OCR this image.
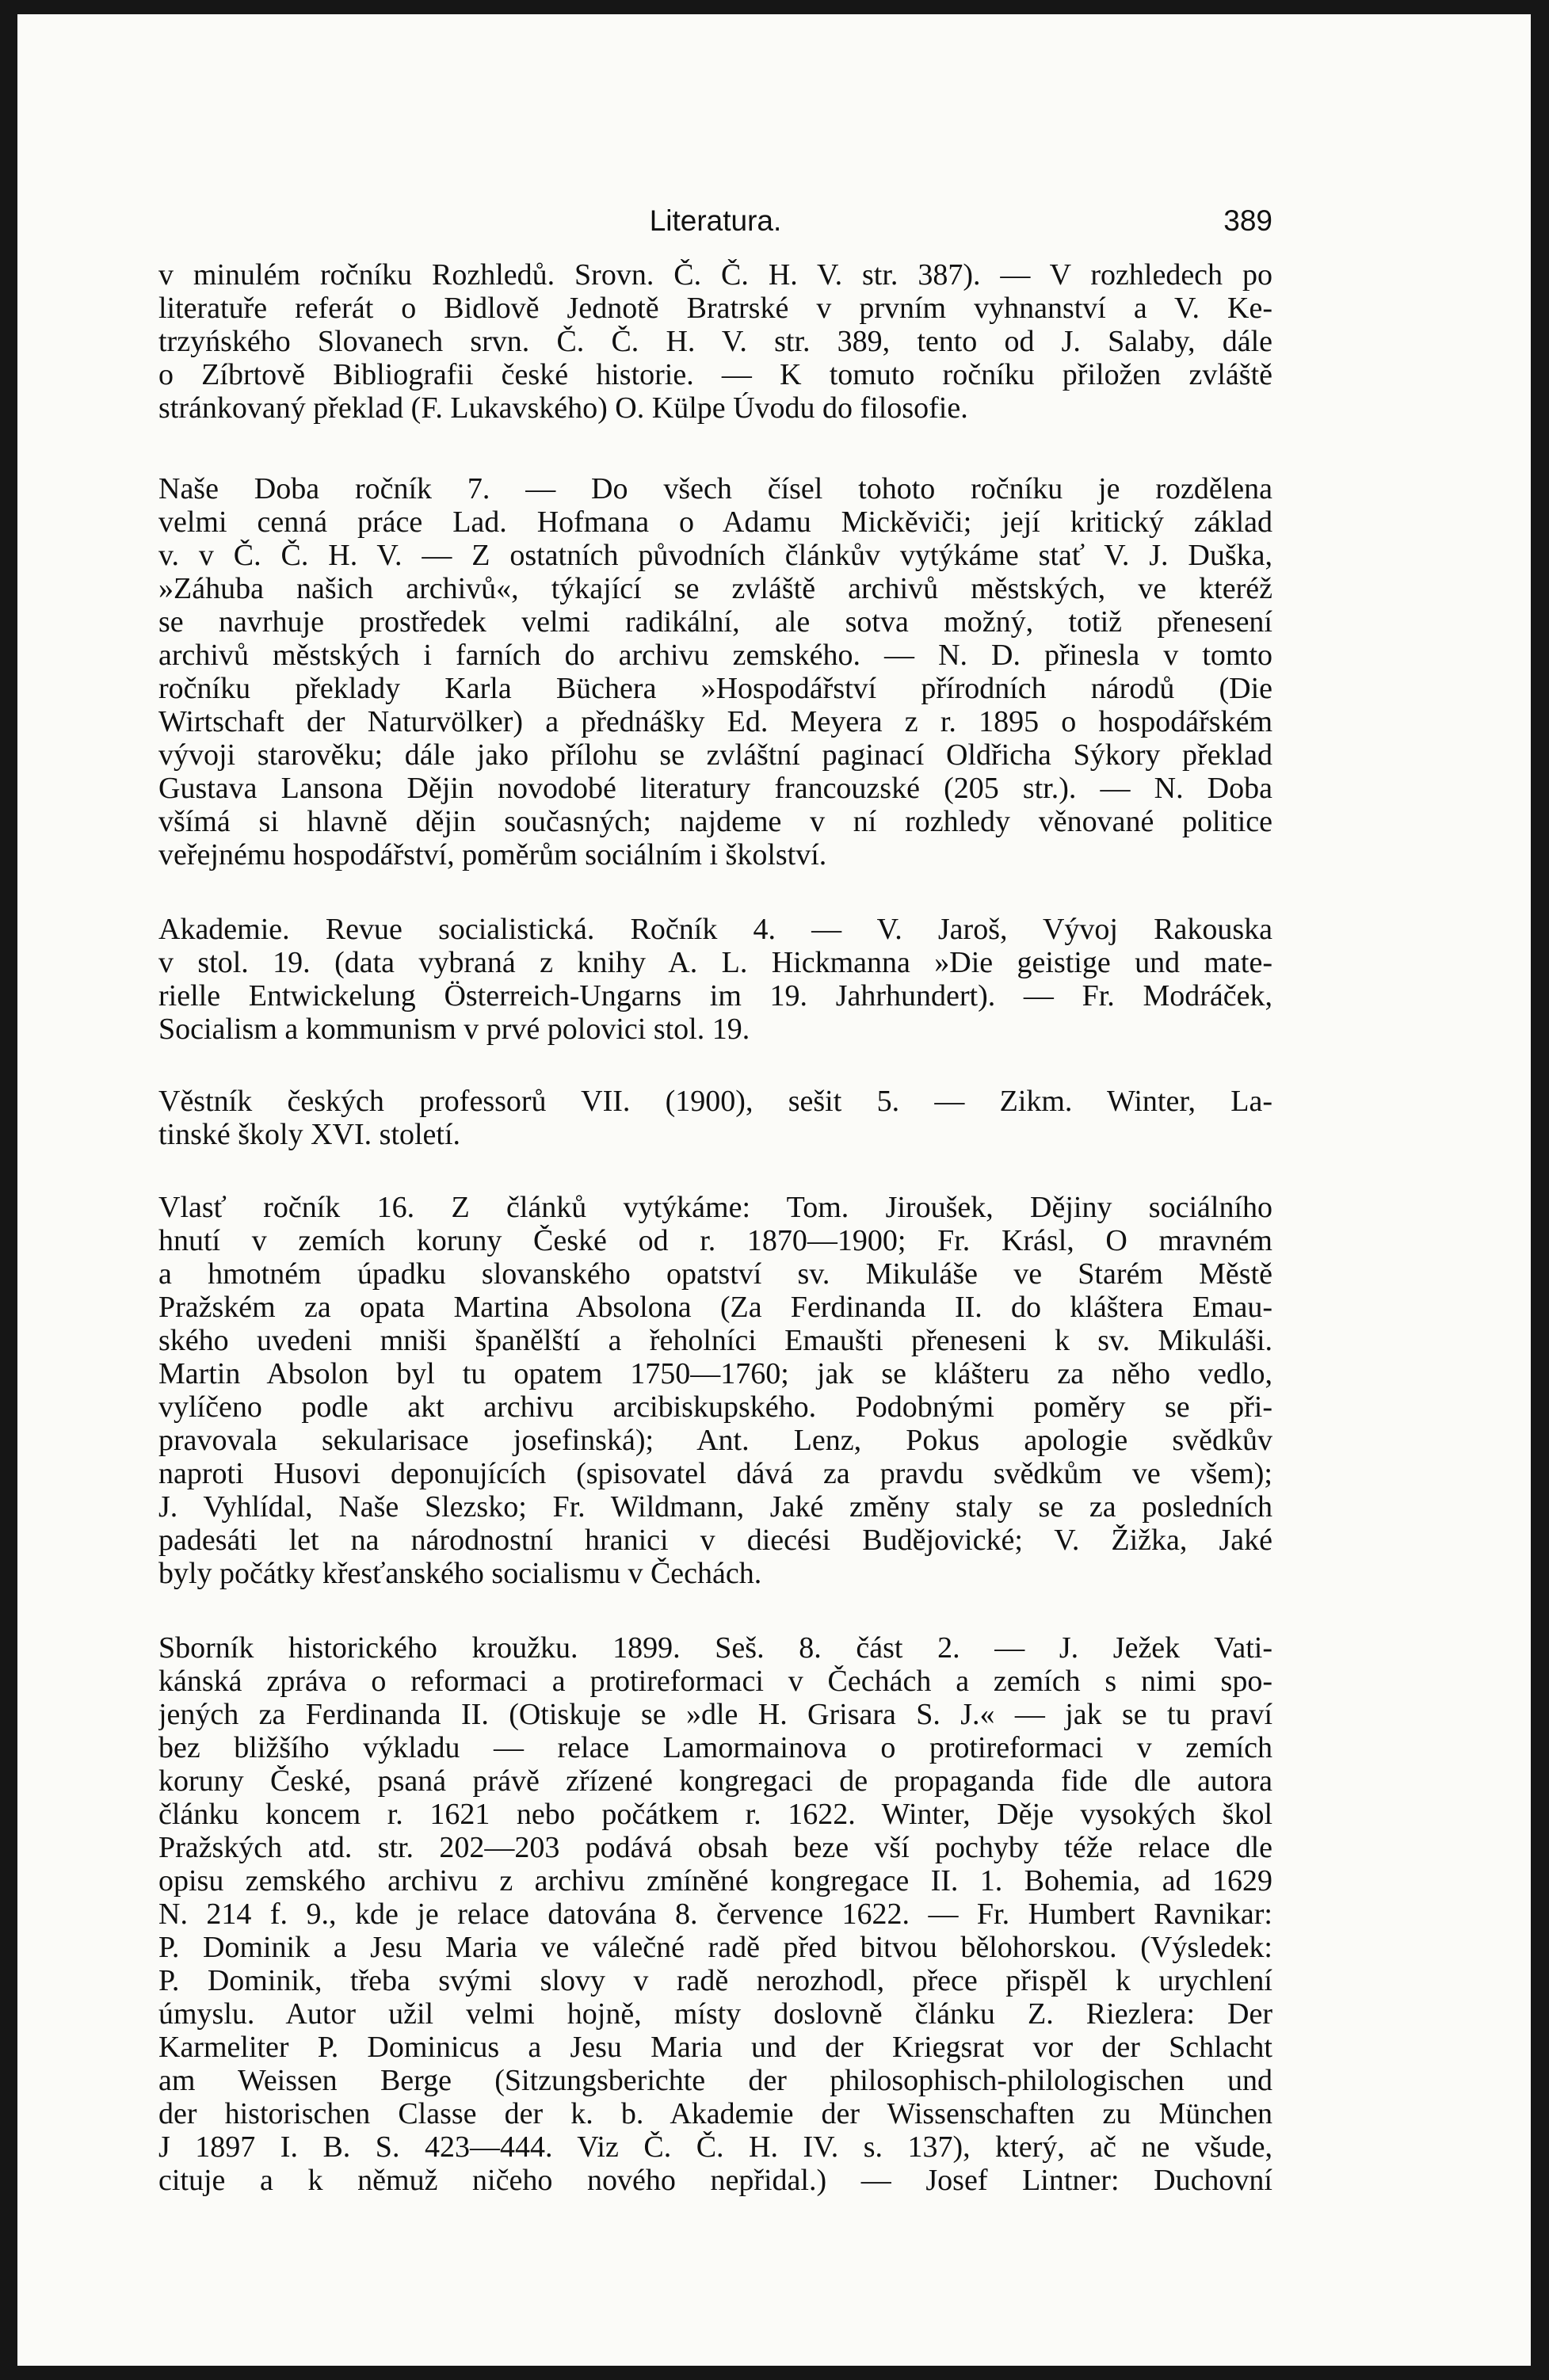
Literatura.	389
v minulém ročníku Rozhledů. Srovn. Č. Č. H. V. str. 387). — V rozhledech po
literatuře referát o Bidlově Jednotě Bratrské v prvním vyhnanství a V. Ke-
trzyńského Slovanech srvn. Č. Č. H. V. str. 389, tento od J. Salaby, dále
o Zíbrtově Bibliografii české historie. — K tomuto ročníku přiložen zvláště
stránkovaný překlad (F. Lukavského) O. Külpe Úvodu do filosofie.
Naše Doba ročník 7. — Do všech čísel tohoto ročníku je rozdělena
velmi cenná práce Lad. Hofmana o Adamu Mickěviči; její kritický základ
v. v Č. Č. H. V. — Z ostatních původních článkův vytýkáme stať V. J. Duška,
»Záhuba našich archivů«, týkající se zvláště archivů městských, ve kteréž
se navrhuje prostředek velmi radikální, ale sotva možný, totiž přenesení
archivů městských i farních do archivu zemského. — N. D. přinesla v tomto
ročníku překlady Karla Büchera »Hospodářství přírodních národů (Die
Wirtschaft der Naturvölker) a přednášky Ed. Meyera z r. 1895 o hospodářském
vývoji starověku; dále jako přílohu se zvláštní paginací Oldřicha Sýkory překlad
Gustava Lansona Dějin novodobé literatury francouzské (205 str.). — N. Doba
všímá si hlavně dějin současných; najdeme v ní rozhledy věnované politice
veřejnému hospodářství, poměrům sociálním i školství.
Akademie. Revue socialistická. Ročník 4. — V. Jaroš, Vývoj Rakouska
v stol. 19. (data vybraná z knihy A. L. Hickmanna »Die geistige und mate-
rielle Entwickelung Österreich-Ungarns im 19. Jahrhundert). — Fr. Modráček,
Socialism a kommunism v prvé polovici stol. 19.
Věstník českých professorů VII. (1900), sešit 5. — Zikm. Winter, La-
tinské školy XVI. století.
Vlasť ročník 16. Z článků vytýkáme: Tom. Jiroušek, Dějiny sociálního
hnutí v zemích koruny České od r. 1870—1900; Fr. Krásl, O mravném
a hmotném úpadku slovanského opatství sv. Mikuláše ve Starém Městě
Pražském za opata Martina Absolona (Za Ferdinanda II. do kláštera Emau-
ského uvedeni mniši španělští a řeholníci Emaušti přeneseni k sv. Mikuláši.
Martin Absolon byl tu opatem 1750—1760; jak se klášteru za něho vedlo,
vylíčeno podle akt archivu arcibiskupského. Podobnými poměry se při-
pravovala sekularisace josefinská); Ant. Lenz, Pokus apologie svědkův
naproti Husovi deponujících (spisovatel dává za pravdu svědkům ve všem);
J. Vyhlídal, Naše Slezsko; Fr. Wildmann, Jaké změny staly se za posledních
padesáti let na národnostní hranici v diecési Budějovické; V. Žižka, Jaké
byly počátky křesťanského socialismu v Čechách.
Sborník historického kroužku. 1899. Seš. 8. část 2. — J. Ježek Vati-
kánská zpráva o reformaci a protireformaci v Čechách a zemích s nimi spo-
jených za Ferdinanda II. (Otiskuje se »dle H. Grisara S. J.« — jak se tu praví
bez bližšího výkladu — relace Lamormainova o protireformaci v zemích
koruny České, psaná právě zřízené kongregaci de propaganda fide dle autora
článku koncem r. 1621 nebo počátkem r. 1622. Winter, Děje vysokých škol
Pražských atd. str. 202—203 podává obsah beze vší pochyby téže relace dle
opisu zemského archivu z archivu zmíněné kongregace II. 1. Bohemia, ad 1629
N. 214 f. 9., kde je relace datována 8. července 1622. — Fr. Humbert Ravnikar:
P. Dominik a Jesu Maria ve válečné radě před bitvou bělohorskou. (Výsledek:
P. Dominik, třeba svými slovy v radě nerozhodl, přece přispěl k urychlení
úmyslu. Autor užil velmi hojně, místy doslovně článku Z. Riezlera: Der
Karmeliter P. Dominicus a Jesu Maria und der Kriegsrat vor der Schlacht
am Weissen Berge (Sitzungsberichte der philosophisch-philologischen und
der historischen Classe der k. b. Akademie der Wissenschaften zu München
J 1897 I. B. S. 423—444. Viz Č. Č. H. IV. s. 137), který, ač ne všude,
cituje a k němuž ničeho nového nepřidal.) — Josef Lintner: Duchovní
